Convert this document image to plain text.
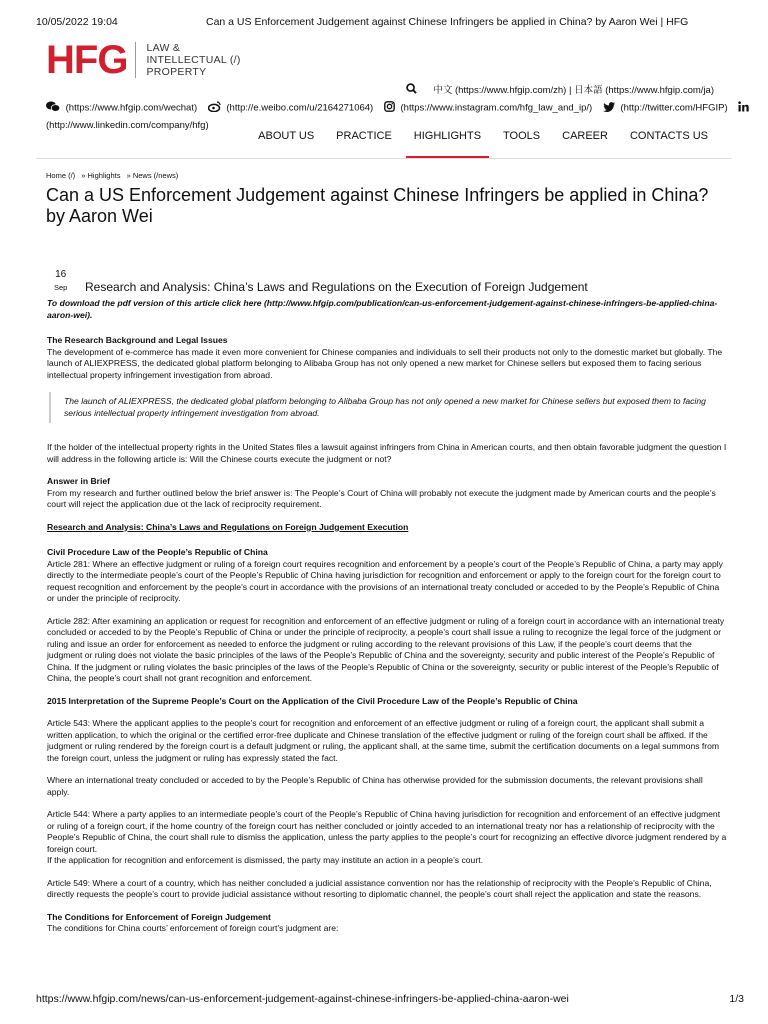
10/05/2022 19:04	Can a US Enforcement Judgement against Chinese Infringers be applied in China? by Aaron Wei | HFG
HFG LAW &
INTELLECTUAL (/)
PROPERTY
中文 (https://www.hfgip.com/zh) | 日本語 (https://www.hfgip.com/ja)
(https://www.hfgip.com/wechat)	(http://e.weibo.com/u/2164271064)	(https://www.instagram.com/hfg_law_and_ip/)	(http://twitter.com/HFGIP)
(http://www.linkedin.com/company/hfg)
ABOUT US PRACTICE HIGHLIGHTS TOOLS CAREER CONTACTS US
Home (/) » Highlights » News (/news)
Can a US Enforcement Judgement against Chinese Infringers be applied in China? by Aaron Wei
16
Sep Research and Analysis: China’s Laws and Regulations on the Execution of Foreign Judgement

To download the pdf version of this article click here (http://www.hfgip.com/publication/can-us-enforcement-judgement-against-chinese-infringers-be-applied-china-aaron-wei).

The Research Background and Legal Issues

The development of e-commerce has made it even more convenient for Chinese companies and individuals to sell their products not only to the domestic market but globally. The launch of ALIEXPRESS, the dedicated global platform belonging to Alibaba Group has not only opened a new market for Chinese sellers but exposed them to facing serious intellectual property infringement investigation from abroad.

The launch of ALIEXPRESS, the dedicated global platform belonging to Alibaba Group has not only opened a new market for Chinese sellers but exposed them to facing serious intellectual property infringement investigation from abroad.

If the holder of the intellectual property rights in the United States files a lawsuit against infringers from China in American courts, and then obtain favorable judgment the question I will address in the following article is: Will the Chinese courts execute the judgment or not?

Answer in Brief

From my research and further outlined below the brief answer is: The People’s Court of China will probably not execute the judgment made by American courts and the people’s court will reject the application due ot the lack of reciprocity requirement.

Research and Analysis: China’s Laws and Regulations on Foreign Judgement Execution

Civil Procedure Law of the People’s Republic of China

Article 281: Where an effective judgment or ruling of a foreign court requires recognition and enforcement by a people’s court of the People’s Republic of China, a party may apply directly to the intermediate people’s court of the People’s Republic of China having jurisdiction for recognition and enforcement or apply to the foreign court for the foreign court to request recognition and enforcement by the people’s court in accordance with the provisions of an international treaty concluded or acceded to by the People’s Republic of China or under the principle of reciprocity.

Article 282: After examining an application or request for recognition and enforcement of an effective judgment or ruling of a foreign court in accordance with an international treaty concluded or acceded to by the People’s Republic of China or under the principle of reciprocity, a people’s court shall issue a ruling to recognize the legal force of the judgment or ruling and issue an order for enforcement as needed to enforce the judgment or ruling according to the relevant provisions of this Law, if the people’s court deems that the judgment or ruling does not violate the basic principles of the laws of the People’s Republic of China and the sovereignty, security and public interest of the People’s Republic of China. If the judgment or ruling violates the basic principles of the laws of the People’s Republic of China or the sovereignty, security or public interest of the People’s Republic of China, the people’s court shall not grant recognition and enforcement.

2015 Interpretation of the Supreme People’s Court on the Application of the Civil Procedure Law of the People’s Republic of China

Article 543: Where the applicant applies to the people’s court for recognition and enforcement of an effective judgment or ruling of a foreign court, the applicant shall submit a written application, to which the original or the certified error-free duplicate and Chinese translation of the effective judgment or ruling of the foreign court shall be affixed. If the judgment or ruling rendered by the foreign court is a default judgment or ruling, the applicant shall, at the same time, submit the certification documents on a legal summons from the foreign court, unless the judgment or ruling has expressly stated the fact.

Where an international treaty concluded or acceded to by the People’s Republic of China has otherwise provided for the submission documents, the relevant provisions shall apply.

Article 544: Where a party applies to an intermediate people’s court of the People’s Republic of China having jurisdiction for recognition and enforcement of an effective judgment or ruling of a foreign court, if the home country of the foreign court has neither concluded or jointly acceded to an international treaty nor has a relationship of reciprocity with the People’s Republic of China, the court shall rule to dismiss the application, unless the party applies to the people’s court for recognizing an effective divorce judgment rendered by a foreign court.

If the application for recognition and enforcement is dismissed, the party may institute an action in a people’s court.

Article 549: Where a court of a country, which has neither concluded a judicial assistance convention nor has the relationship of reciprocity with the People’s Republic of China, directly requests the people’s court to provide judicial assistance without resorting to diplomatic channel, the people’s court shall reject the application and state the reasons.

The Conditions for Enforcement of Foreign Judgement

The conditions for China courts’ enforcement of foreign court’s judgment are:

https://www.hfgip.com/news/can-us-enforcement-judgement-against-chinese-infringers-be-applied-china-aaron-wei	1/3
